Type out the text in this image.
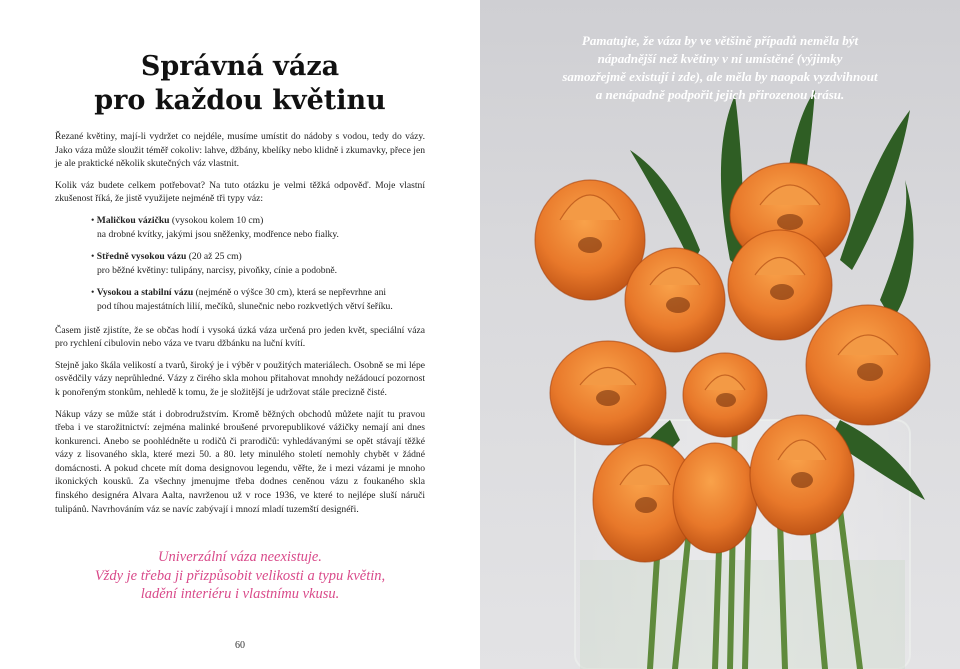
Správná váza
pro každou květinu

Řezané květiny, mají-li vydržet co nejdéle, musíme umístit do nádoby s vodou, tedy do vázy. Jako váza může sloužit téměř cokoliv: lahve, džbány, kbelíky nebo klidně i zkumavky, přece jen je ale praktické několik skutečných váz vlastnit.

Kolik váz budete celkem potřebovat? Na tuto otázku je velmi těžká odpověď. Moje vlastní zkušenost říká, že jistě využijete nejméně tři typy váz:

• Maličkou vázičku (vysokou kolem 10 cm)
na drobné kvítky, jakými jsou sněženky, modřence nebo fialky.
• Středně vysokou vázu (20 až 25 cm)
pro běžné květiny: tulipány, narcisy, pivoňky, cínie a podobně.
• Vysokou a stabilní vázu (nejméně o výšce 30 cm), která se nepřevrhne ani
pod tíhou majestátních lilií, mečíků, slunečnic nebo rozkvetlých větví šeříku.

Časem jistě zjistíte, že se občas hodí i vysoká úzká váza určená pro jeden květ, speciální váza pro rychlení cibulovin nebo váza ve tvaru džbánku na luční kvítí.

Stejně jako škála velikostí a tvarů, široký je i výběr v použitých materiálech. Osobně se mi lépe osvědčily vázy neprůhledné. Vázy z čirého skla mohou přitahovat mnohdy nežádoucí pozornost k ponořeným stonkům, nehledě k tomu, že je složitější je udržovat stále precizně čisté.

Nákup vázy se může stát i dobrodružstvím. Kromě běžných obchodů můžete najít tu pravou třeba i ve starožitnictví: zejména malinké broušené prvorepublikové vážičky nemají ani dnes konkurenci. Anebo se poohlédněte u rodičů či prarodičů: vyhledávanými se opět stávají těžké vázy z lisovaného skla, které mezi 50. a 80. lety minulého století nemohly chybět v žádné domácnosti. A pokud chcete mít doma designovou legendu, věřte, že i mezi vázami je mnoho ikonických kousků. Za všechny jmenujme třeba dodnes ceněnou vázu z foukaného skla finského designéra Alvara Aalta, navrženou už v roce 1936, ve které to nejlépe sluší náruči tulipánů. Navrhováním váz se navíc zabývají i mnozí mladí tuzemští designéři.

Univerzální váza neexistuje.
Vždy je třeba ji přizpůsobit velikosti a typu květin,
ladění interiéru i vlastnímu vkusu.
60
Pamatujte, že váza by ve většině případů neměla být
nápadnější než květiny v ní umístěné (výjimky
samozřejmě existují i zde), ale měla by naopak vyzdvihnout
a nenápadně podpořit jejich přirozenou krásu.
